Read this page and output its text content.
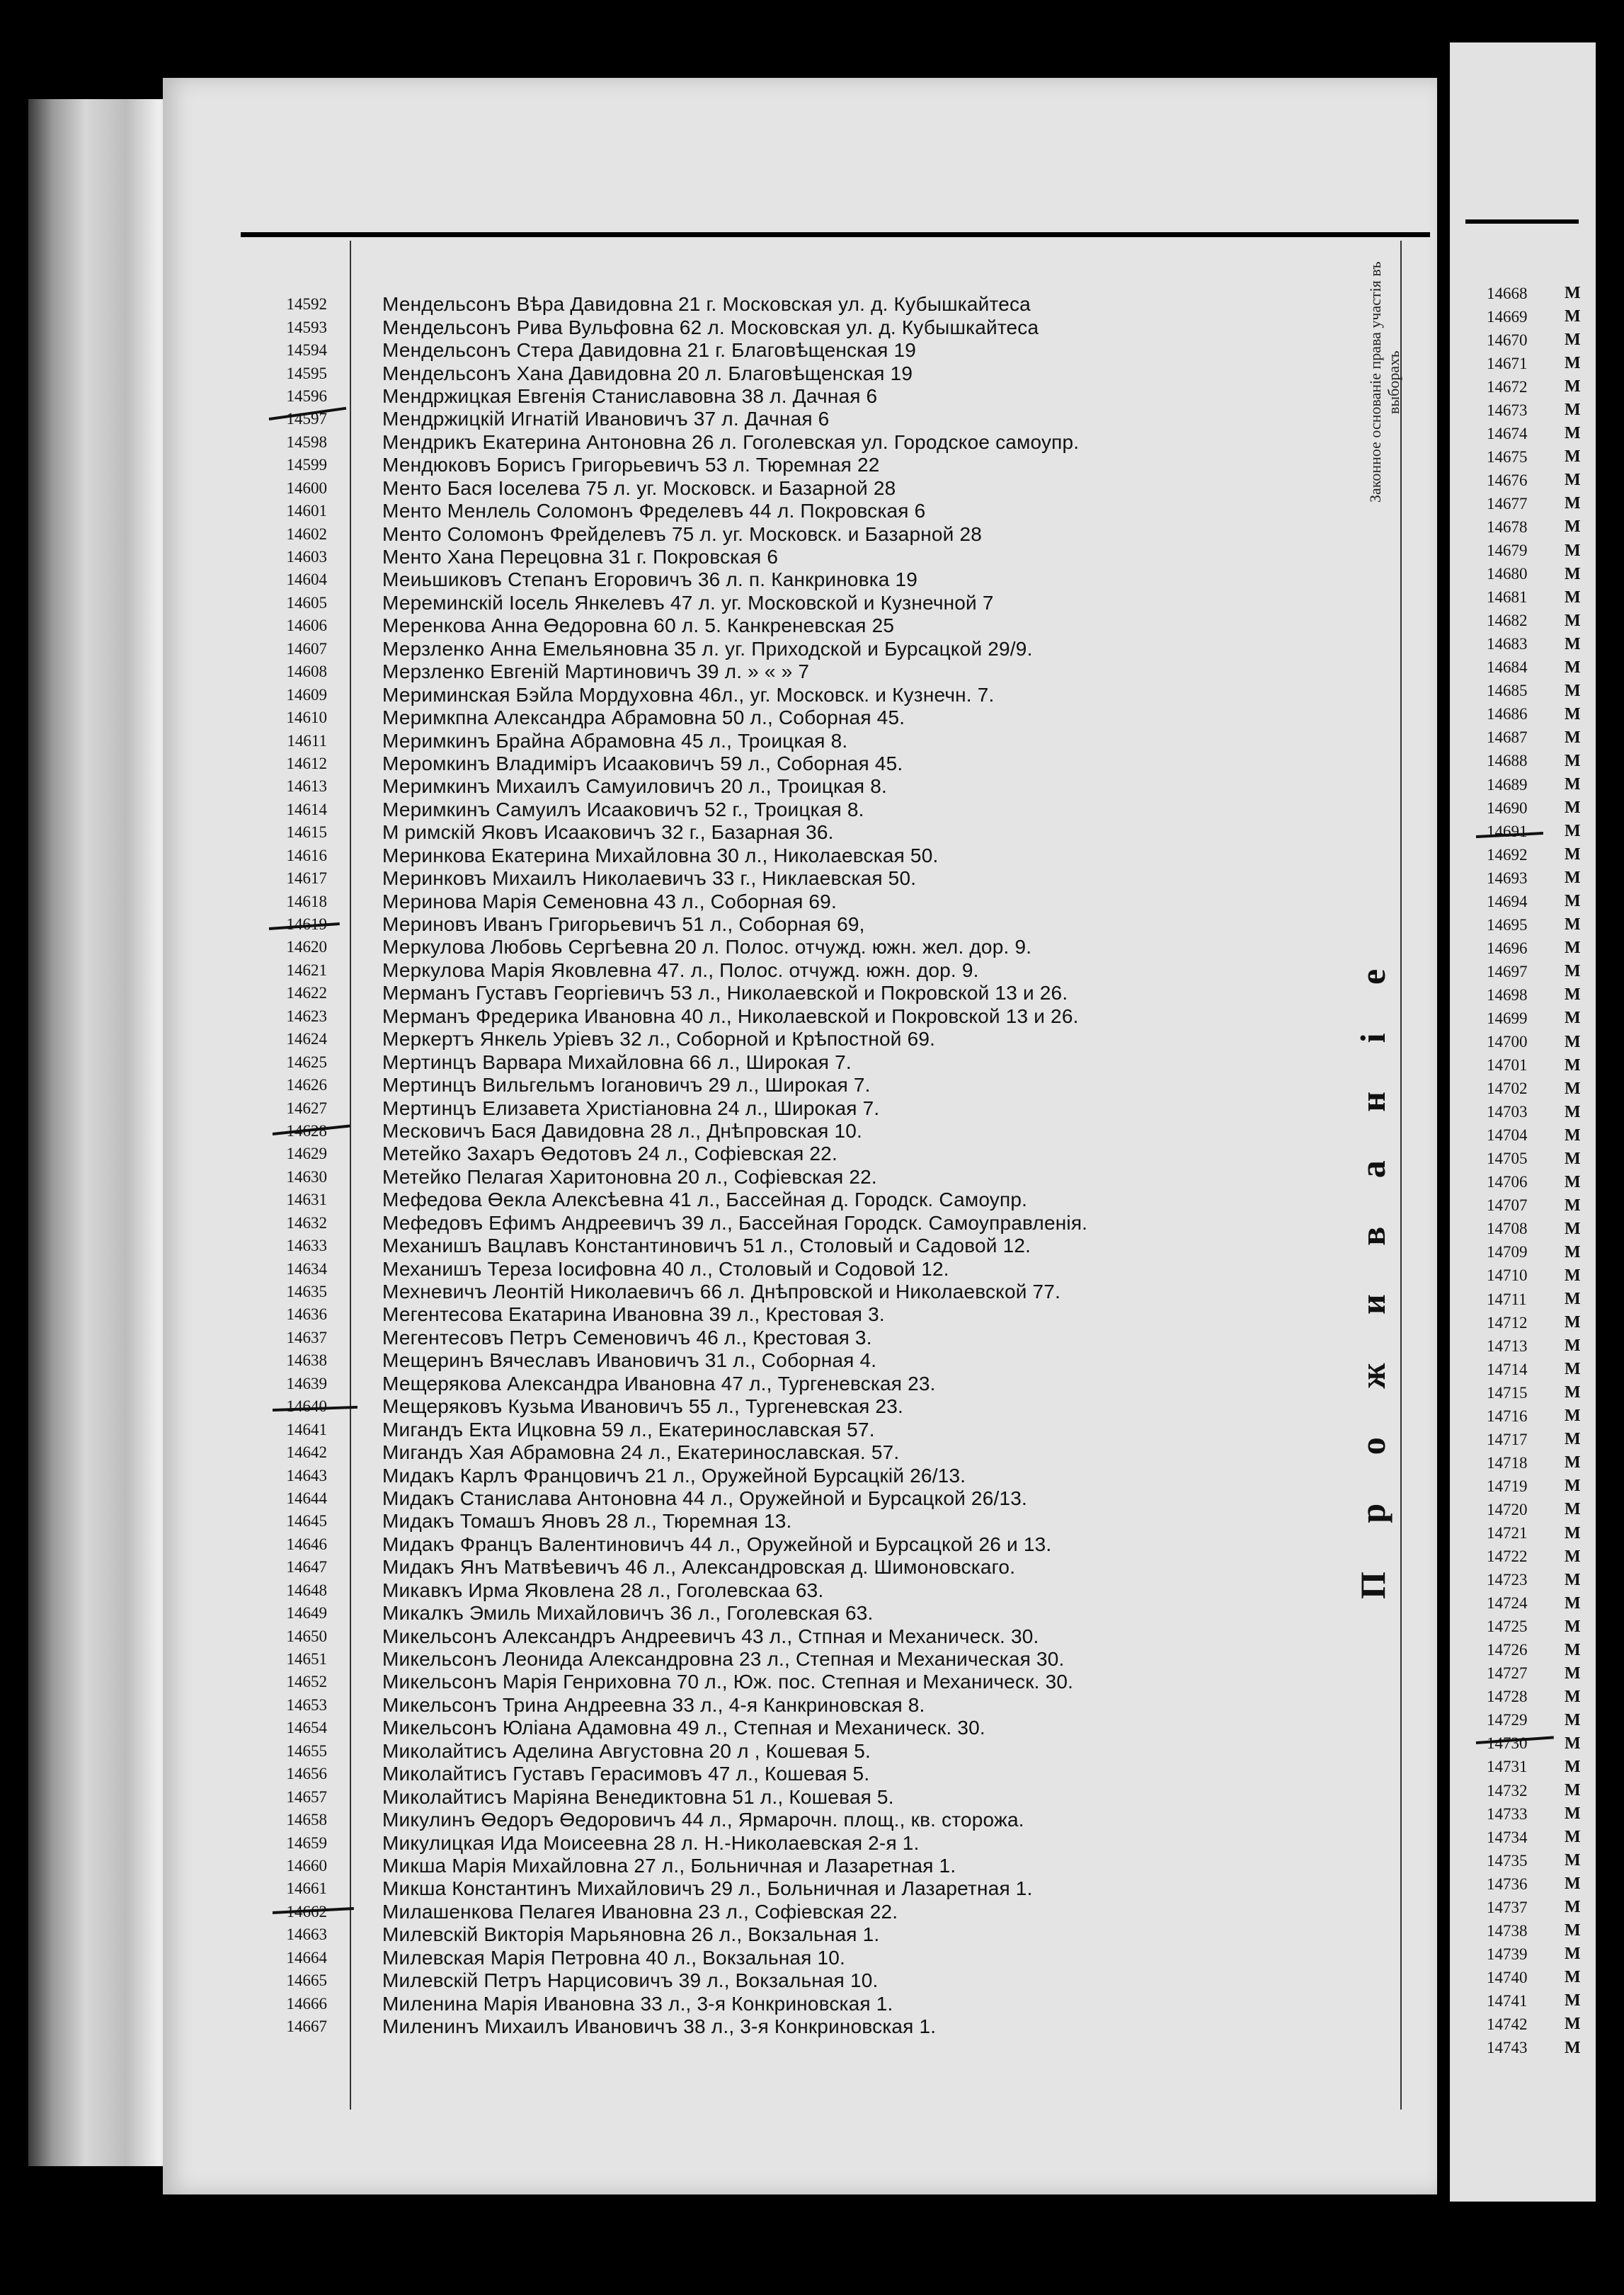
14592	Мендельсонъ Вѣра Давидовна 21 г. Московская ул. д. Кубышкайтеса
14593	Мендельсонъ Рива Вульфовна 62 л. Московская ул. д. Кубышкайтеса
14594	Мендельсонъ Стера Давидовна 21 г. Благовѣщенская 19
14595	Мендельсонъ Хана Давидовна 20 л. Благовѣщенская 19
14596	Мендржицкая Евгенія Станиславовна 38 л. Дачная 6
14597	Мендржицкій Игнатій Ивановичъ 37 л. Дачная 6
14598	Мендрикъ Екатерина Антоновна 26 л. Гоголевская ул. Городское самоупр.
14599	Мендюковъ Борисъ Григорьевичъ 53 л. Тюремная 22
14600	Менто Бася Іоселева 75 л. уг. Московск. и Базарной 28
14601	Менто Менлель Соломонъ Фределевъ 44 л. Покровская 6
14602	Менто Соломонъ Фрейделевъ 75 л. уг. Московск. и Базарной 28
14603	Менто Хана Перецовна 31 г. Покровская 6
14604	Меиьшиковъ Степанъ Егоровичъ 36 л. п. Канкриновка 19
14605	Мереминскій Іосель Янкелевъ 47 л. уг. Московской и Кузнечной 7
14606	Меренкова Анна Өедоровна 60 л. 5. Канкреневская 25
14607	Мерзленко Анна Емельяновна 35 л. уг. Приходской и Бурсацкой 29/9.
14608	Мерзленко Евгеній Мартиновичъ 39 л. » « » 7
14609	Мериминская Бэйла Мордуховна 46л., уг. Московск. и Кузнечн. 7.
14610	Меримкпна Александра Абрамовна 50 л., Соборная 45.
14611	Меримкинъ Брайна Абрамовна 45 л., Троицкая 8.
14612	Меромкинъ Владиміръ Исааковичъ 59 л., Соборная 45.
14613	Меримкинъ Михаилъ Самуиловичъ 20 л., Троицкая 8.
14614	Меримкинъ Самуилъ Исааковичъ 52 г., Троицкая 8.
14615	М римскій Яковъ Исааковичъ 32 г., Базарная 36.
14616	Меринкова Екатерина Михайловна 30 л., Николаевская 50.
14617	Меринковъ Михаилъ Николаевичъ 33 г., Никлаевская 50.
14618	Меринова Марія Семеновна 43 л., Соборная 69.
14619	Мериновъ Иванъ Григорьевичъ 51 л., Соборная 69,
14620	Меркулова Любовь Сергѣевна 20 л. Полос. отчужд. южн. жел. дор. 9.
14621	Меркулова Марія Яковлевна 47. л., Полос. отчужд. южн. дор. 9.
14622	Мерманъ Густавъ Георгіевичъ 53 л., Николаевской и Покровской 13 и 26.
14623	Мерманъ Фредерика Ивановна 40 л., Николаевской и Покровской 13 и 26.
14624	Меркертъ Янкель Уріевъ 32 л., Соборной и Крѣпостной 69.
14625	Мертинцъ Варвара Михайловна 66 л., Широкая 7.
14626	Мертинцъ Вильгельмъ Іогановичъ 29 л., Широкая 7.
14627	Мертинцъ Елизавета Христіановна 24 л., Широкая 7.
14628	Месковичъ Бася Давидовна 28 л., Днѣпровская 10.
14629	Метейко Захаръ Өедотовъ 24 л., Софіевская 22.
14630	Метейко Пелагая Харитоновна 20 л., Софіевская 22.
14631	Мефедова Өекла Алексѣевна 41 л., Бассейная д. Городск. Самоупр.
14632	Мефедовъ Ефимъ Андреевичъ 39 л., Бассейная Городск. Самоуправленія.
14633	Механишъ Вацлавъ Константиновичъ 51 л., Столовый и Садовой 12.
14634	Механишъ Тереза Іосифовна 40 л., Столовый и Содовой 12.
14635	Мехневичъ Леонтій Николаевичъ 66 л. Днѣпровской и Николаевской 77.
14636	Мегентесова Екатарина Ивановна 39 л., Крестовая 3.
14637	Мегентесовъ Петръ Семеновичъ 46 л., Крестовая 3.
14638	Мещеринъ Вячеславъ Ивановичъ 31 л., Соборная 4.
14639	Мещерякова Александра Ивановна 47 л., Тургеневская 23.
14640	Мещеряковъ Кузьма Ивановичъ 55 л., Тургеневская 23.
14641	Мигандъ Екта Ицковна 59 л., Екатеринославская 57.
14642	Мигандъ Хая Абрамовна 24 л., Екатеринославская. 57.
14643	Мидакъ Карлъ Францовичъ 21 л., Оружейной Бурсацкій 26/13.
14644	Мидакъ Станислава Антоновна 44 л., Оружейной и Бурсацкой 26/13.
14645	Мидакъ Томашъ Яновъ 28 л., Тюремная 13.
14646	Мидакъ Францъ Валентиновичъ 44 л., Оружейной и Бурсацкой 26 и 13.
14647	Мидакъ Янъ Матвѣевичъ 46 л., Александровская д. Шимоновскаго.
14648	Микавкъ Ирма Яковлена 28 л., Гоголевскаа 63.
14649	Микалкъ Эмиль Михайловичъ 36 л., Гоголевская 63.
14650	Микельсонъ Александръ Андреевичъ 43 л., Стпная и Механическ. 30.
14651	Микельсонъ Леонида Александровна 23 л., Степная и Механическая 30.
14652	Микельсонъ Марія Генриховна 70 л., Юж. пос. Степная и Механическ. 30.
14653	Микельсонъ Трина Андреевна 33 л., 4-я Канкриновская 8.
14654	Микельсонъ Юліана Адамовна 49 л., Степная и Механическ. 30.
14655	Миколайтисъ Аделина Августовна 20 л , Кошевая 5.
14656	Миколайтисъ Густавъ Герасимовъ 47 л., Кошевая 5.
14657	Миколайтисъ Маріяна Венедиктовна 51 л., Кошевая 5.
14658	Микулинъ Өедоръ Өедоровичъ 44 л., Ярмарочн. площ., кв. сторожа.
14659	Микулицкая Ида Моисеевна 28 л. Н.-Николаевская 2-я 1.
14660	Микша Марія Михайловна 27 л., Больничная и Лазаретная 1.
14661	Микша Константинъ Михайловичъ 29 л., Больничная и Лазаретная 1.
14662	Милашенкова Пелагея Ивановна 23 л., Софіевская 22.
14663	Милевскій Викторія Марьяновна 26 л., Вокзальная 1.
14664	Милевская Марія Петровна 40 л., Вокзальная 10.
14665	Милевскій Петръ Нарцисовичъ 39 л., Вокзальная 10.
14666	Миленина Марія Ивановна 33 л., 3-я Конкриновская 1.
14667	Миленинъ Михаилъ Ивановичъ 38 л., 3-я Конкриновская 1.
Законное основаніе права участія въ выборахъ
П р о ж и в а н і е
14668	М
14669	М
14670	М
14671	М
14672	М
14673	М
14674	М
14675	М
14676	М
14677	М
14678	М
14679	М
14680	М
14681	М
14682	М
14683	М
14684	М
14685	М
14686	М
14687	М
14688	М
14689	М
14690	М
14691	М
14692	М
14693	М
14694	М
14695	М
14696	М
14697	М
14698	М
14699	М
14700	М
14701	М
14702	М
14703	М
14704	М
14705	М
14706	М
14707	М
14708	М
14709	М
14710	М
14711	М
14712	М
14713	М
14714	М
14715	М
14716	М
14717	М
14718	М
14719	М
14720	М
14721	М
14722	М
14723	М
14724	М
14725	М
14726	М
14727	М
14728	М
14729	М
14730	М
14731	М
14732	М
14733	М
14734	М
14735	М
14736	М
14737	М
14738	М
14739	М
14740	М
14741	М
14742	М
14743	М
